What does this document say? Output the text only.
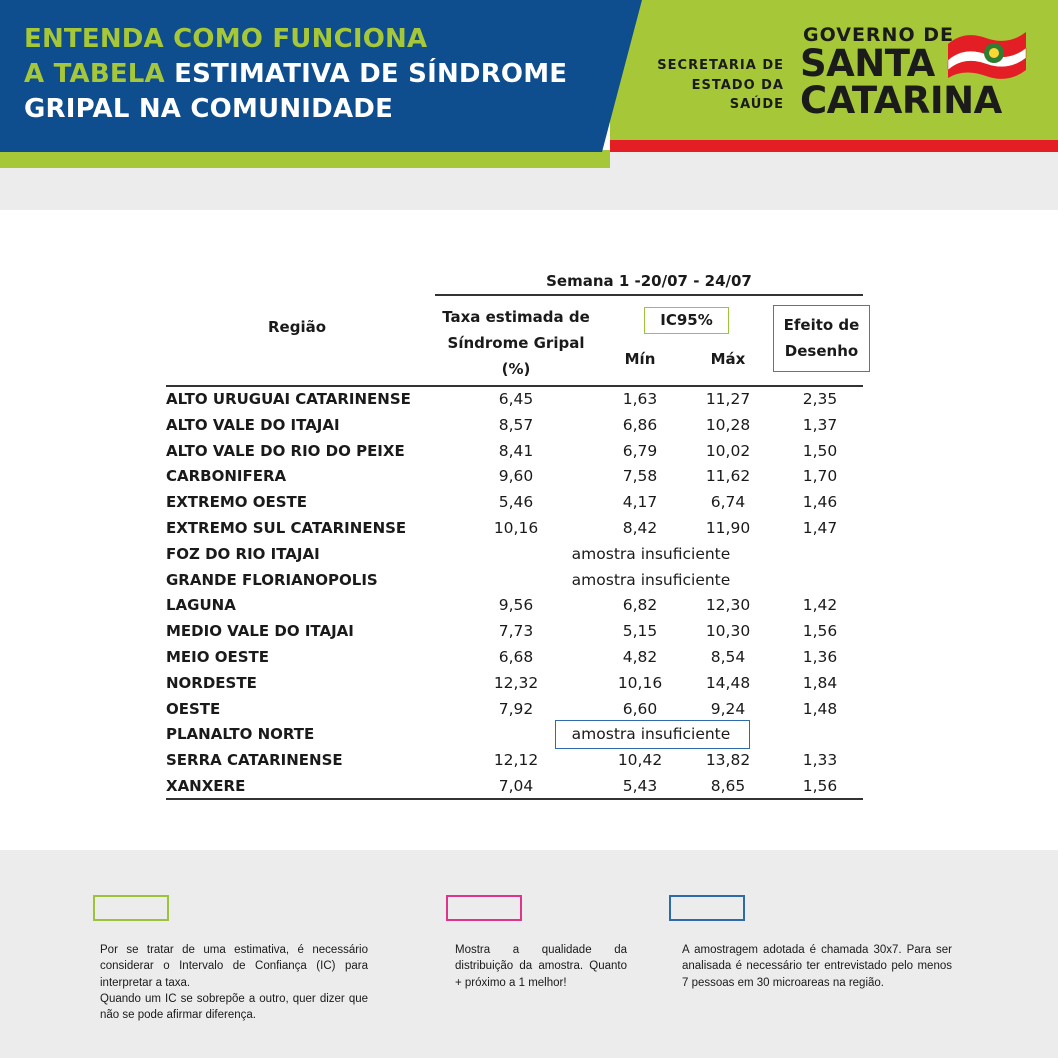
ENTENDA COMO FUNCIONA
A TABELA ESTIMATIVA DE SÍNDROME
GRIPAL NA COMUNIDADE
SECRETARIA DE
ESTADO DA
SAÚDE
GOVERNO DE
SANTA
CATARINA
Semana 1 -20/07 - 24/07
Região
Taxa estimada de
Síndrome Gripal
(%)
IC95%
Mín	Máx
Efeito de
Desenho
ALTO URUGUAI CATARINENSE	6,45	1,63	11,27	2,35
ALTO VALE DO ITAJAI	8,57	6,86	10,28	1,37
ALTO VALE DO RIO DO PEIXE	8,41	6,79	10,02	1,50
CARBONIFERA	9,60	7,58	11,62	1,70
EXTREMO OESTE	5,46	4,17	6,74	1,46
EXTREMO SUL CATARINENSE	10,16	8,42	11,90	1,47
FOZ DO RIO ITAJAI	amostra insuficiente
GRANDE FLORIANOPOLIS	amostra insuficiente
LAGUNA	9,56	6,82	12,30	1,42
MEDIO VALE DO ITAJAI	7,73	5,15	10,30	1,56
MEIO OESTE	6,68	4,82	8,54	1,36
NORDESTE	12,32	10,16	14,48	1,84
OESTE	7,92	6,60	9,24	1,48
PLANALTO NORTE	amostra insuficiente
SERRA CATARINENSE	12,12	10,42	13,82	1,33
XANXERE	7,04	5,43	8,65	1,56
Por se tratar de uma estimativa, é necessário considerar o Intervalo de Confiança (IC) para interpretar a taxa.
Quando um IC se sobrepõe a outro, quer dizer que não se pode afirmar diferença.
Mostra a qualidade da distribuição da amostra. Quanto + próximo a 1 melhor!
A amostragem adotada é chamada 30x7. Para ser analisada é necessário ter entrevistado pelo menos 7 pessoas em 30 microareas na região.
